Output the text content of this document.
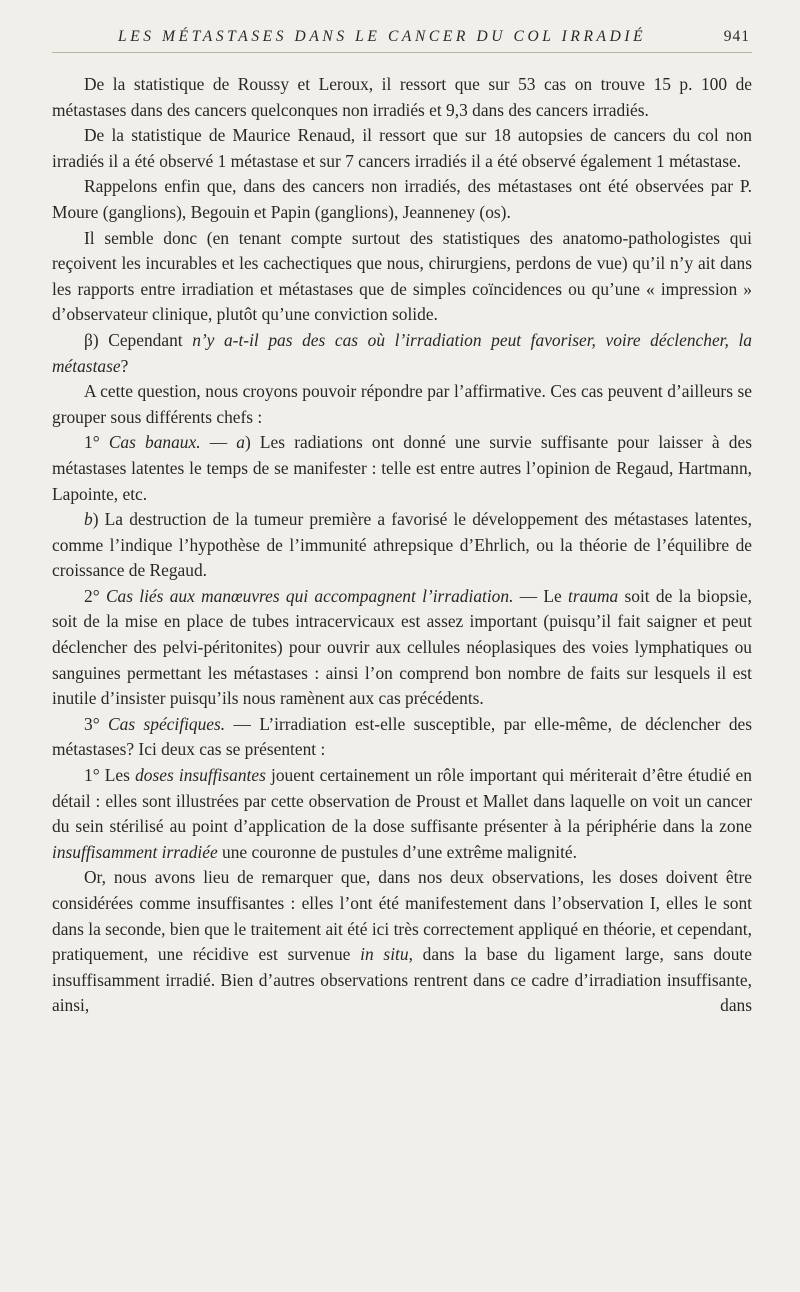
LES MÉTASTASES DANS LE CANCER DU COL IRRADIÉ	941

De la statistique de Roussy et Leroux, il ressort que sur 53 cas on trouve 15 p. 100 de métastases dans des cancers quelconques non irradiés et 9,3 dans des cancers irradiés.

De la statistique de Maurice Renaud, il ressort que sur 18 autopsies de cancers du col non irradiés il a été observé 1 métastase et sur 7 cancers irradiés il a été observé également 1 métastase.

Rappelons enfin que, dans des cancers non irradiés, des métastases ont été observées par P. Moure (ganglions), Begouin et Papin (ganglions), Jeanneney (os).

Il semble donc (en tenant compte surtout des statistiques des anatomo-pathologistes qui reçoivent les incurables et les cachectiques que nous, chirurgiens, perdons de vue) qu’il n’y ait dans les rapports entre irradiation et métastases que de simples coïncidences ou qu’une « impression » d’observateur clinique, plutôt qu’une conviction solide.

β) Cependant n’y a-t-il pas des cas où l’irradiation peut favoriser, voire déclencher, la métastase?

A cette question, nous croyons pouvoir répondre par l’affirmative. Ces cas peuvent d’ailleurs se grouper sous différents chefs :

1° Cas banaux. — a) Les radiations ont donné une survie suffisante pour laisser à des métastases latentes le temps de se manifester : telle est entre autres l’opinion de Regaud, Hartmann, Lapointe, etc.

b) La destruction de la tumeur première a favorisé le développement des métastases latentes, comme l’indique l’hypothèse de l’immunité athrepsique d’Ehrlich, ou la théorie de l’équilibre de croissance de Regaud.

2° Cas liés aux manœuvres qui accompagnent l’irradiation. — Le trauma soit de la biopsie, soit de la mise en place de tubes intracervicaux est assez important (puisqu’il fait saigner et peut déclencher des pelvi-péritonites) pour ouvrir aux cellules néoplasiques des voies lymphatiques ou sanguines permettant les métastases : ainsi l’on comprend bon nombre de faits sur lesquels il est inutile d’insister puisqu’ils nous ramènent aux cas précédents.

3° Cas spécifiques. — L’irradiation est-elle susceptible, par elle-même, de déclencher des métastases? Ici deux cas se présentent :

1° Les doses insuffisantes jouent certainement un rôle important qui mériterait d’être étudié en détail : elles sont illustrées par cette observation de Proust et Mallet dans laquelle on voit un cancer du sein stérilisé au point d’application de la dose suffisante présenter à la périphérie dans la zone insuffisamment irradiée une couronne de pustules d’une extrême malignité.

Or, nous avons lieu de remarquer que, dans nos deux observations, les doses doivent être considérées comme insuffisantes : elles l’ont été manifestement dans l’observation I, elles le sont dans la seconde, bien que le traitement ait été ici très correctement appliqué en théorie, et cependant, pratiquement, une récidive est survenue in situ, dans la base du ligament large, sans doute insuffisamment irradié. Bien d’autres observations rentrent dans ce cadre d’irradiation insuffisante, ainsi, dans
